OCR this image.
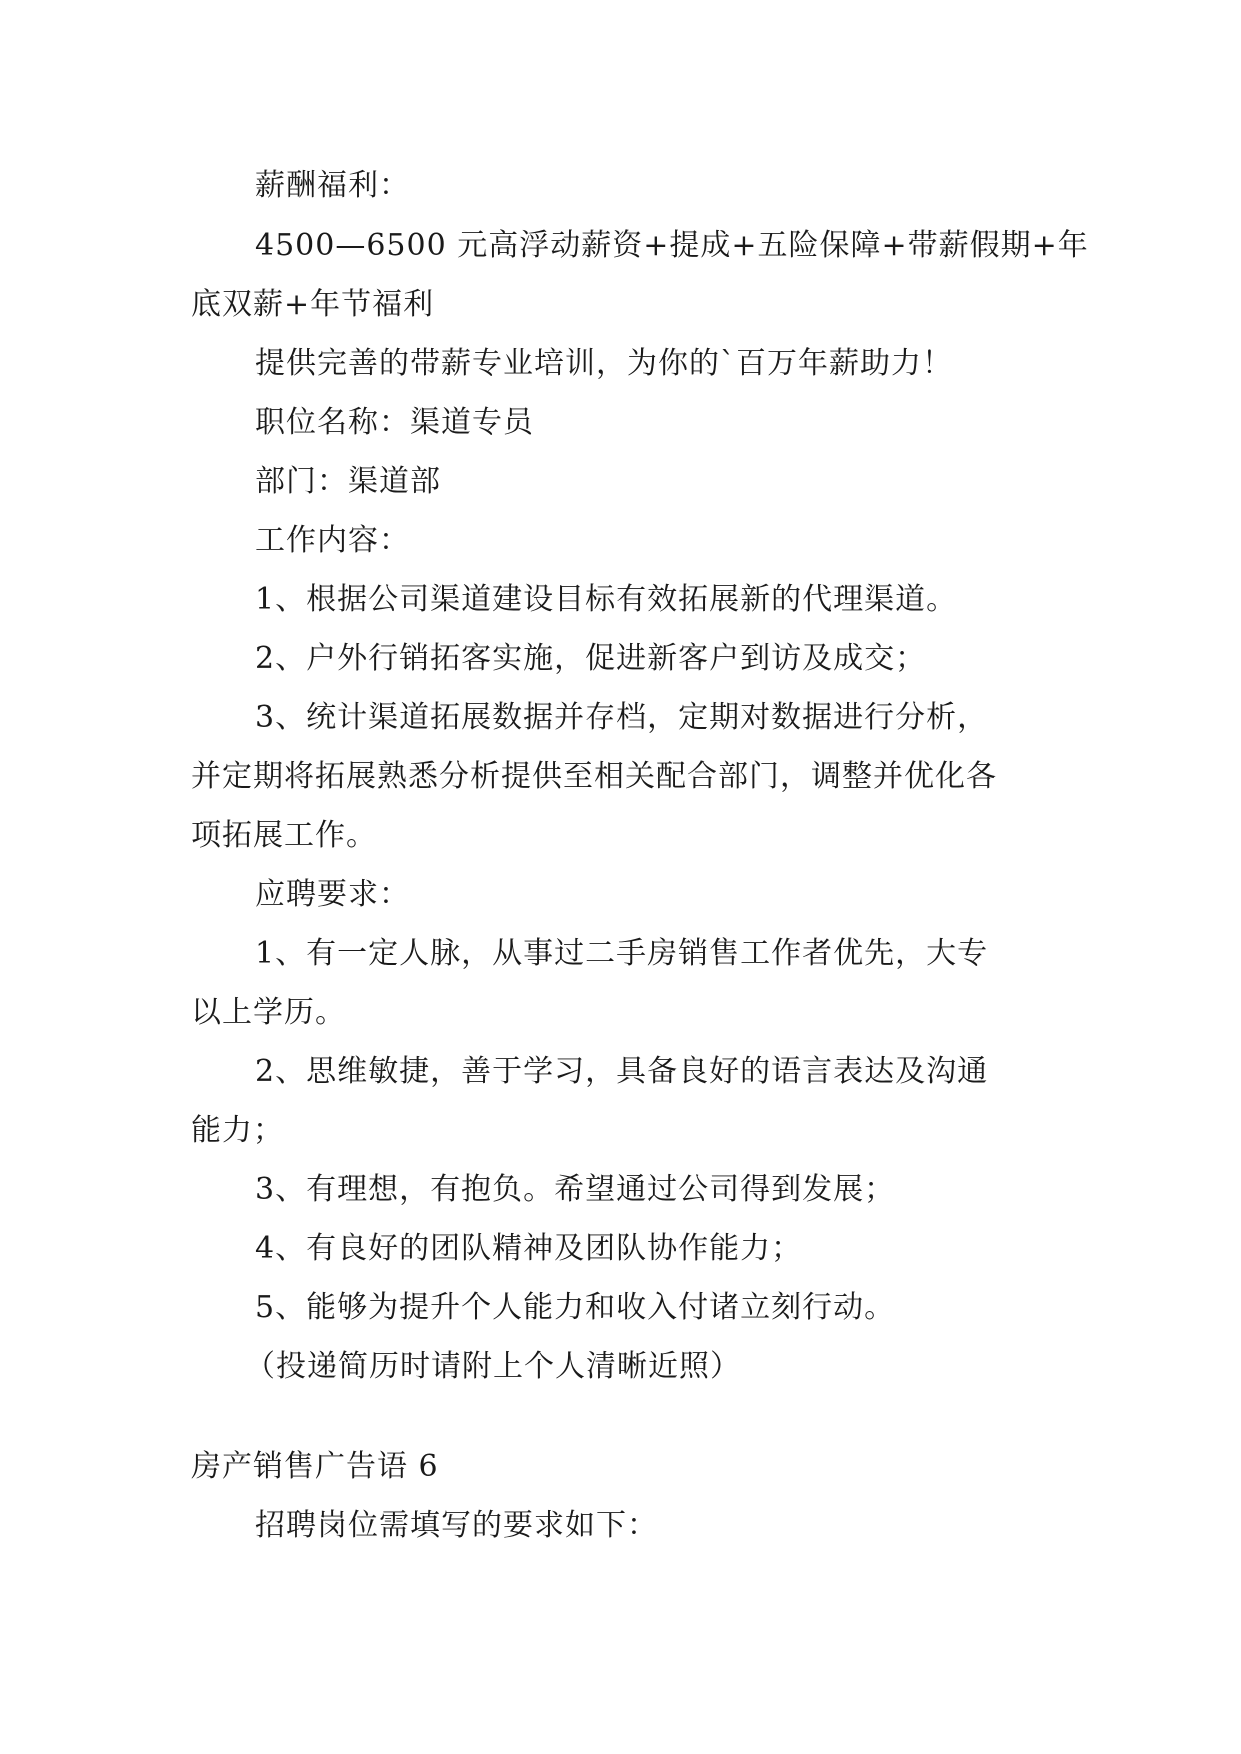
薪酬福利：
4500—6500 元高浮动薪资+提成+五险保障+带薪假期+年
底双薪+年节福利
提供完善的带薪专业培训，为你的`百万年薪助力！
职位名称：渠道专员
部门：渠道部
工作内容：
1、根据公司渠道建设目标有效拓展新的代理渠道。
2、户外行销拓客实施，促进新客户到访及成交；
3、统计渠道拓展数据并存档，定期对数据进行分析，
并定期将拓展熟悉分析提供至相关配合部门，调整并优化各
项拓展工作。
应聘要求：
1、有一定人脉，从事过二手房销售工作者优先，大专
以上学历。
2、思维敏捷，善于学习，具备良好的语言表达及沟通
能力；
3、有理想，有抱负。希望通过公司得到发展；
4、有良好的团队精神及团队协作能力；
5、能够为提升个人能力和收入付诸立刻行动。
（投递简历时请附上个人清晰近照）
房产销售广告语 6
招聘岗位需填写的要求如下：
